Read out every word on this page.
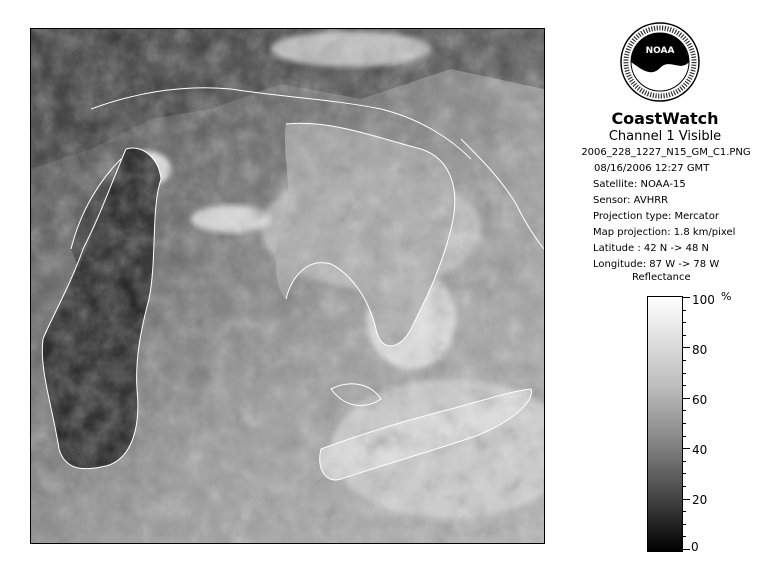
NOAA
CoastWatch
Channel 1 Visible
2006_228_1227_N15_GM_C1.PNG
08/16/2006 12:27 GMT
Satellite: NOAA-15
Sensor: AVHRR
Projection type: Mercator
Map projection: 1.8 km/pixel
Latitude : 42 N -> 48 N
Longitude: 87 W -> 78 W
Reflectance
%
100
80
60
40
20
0
